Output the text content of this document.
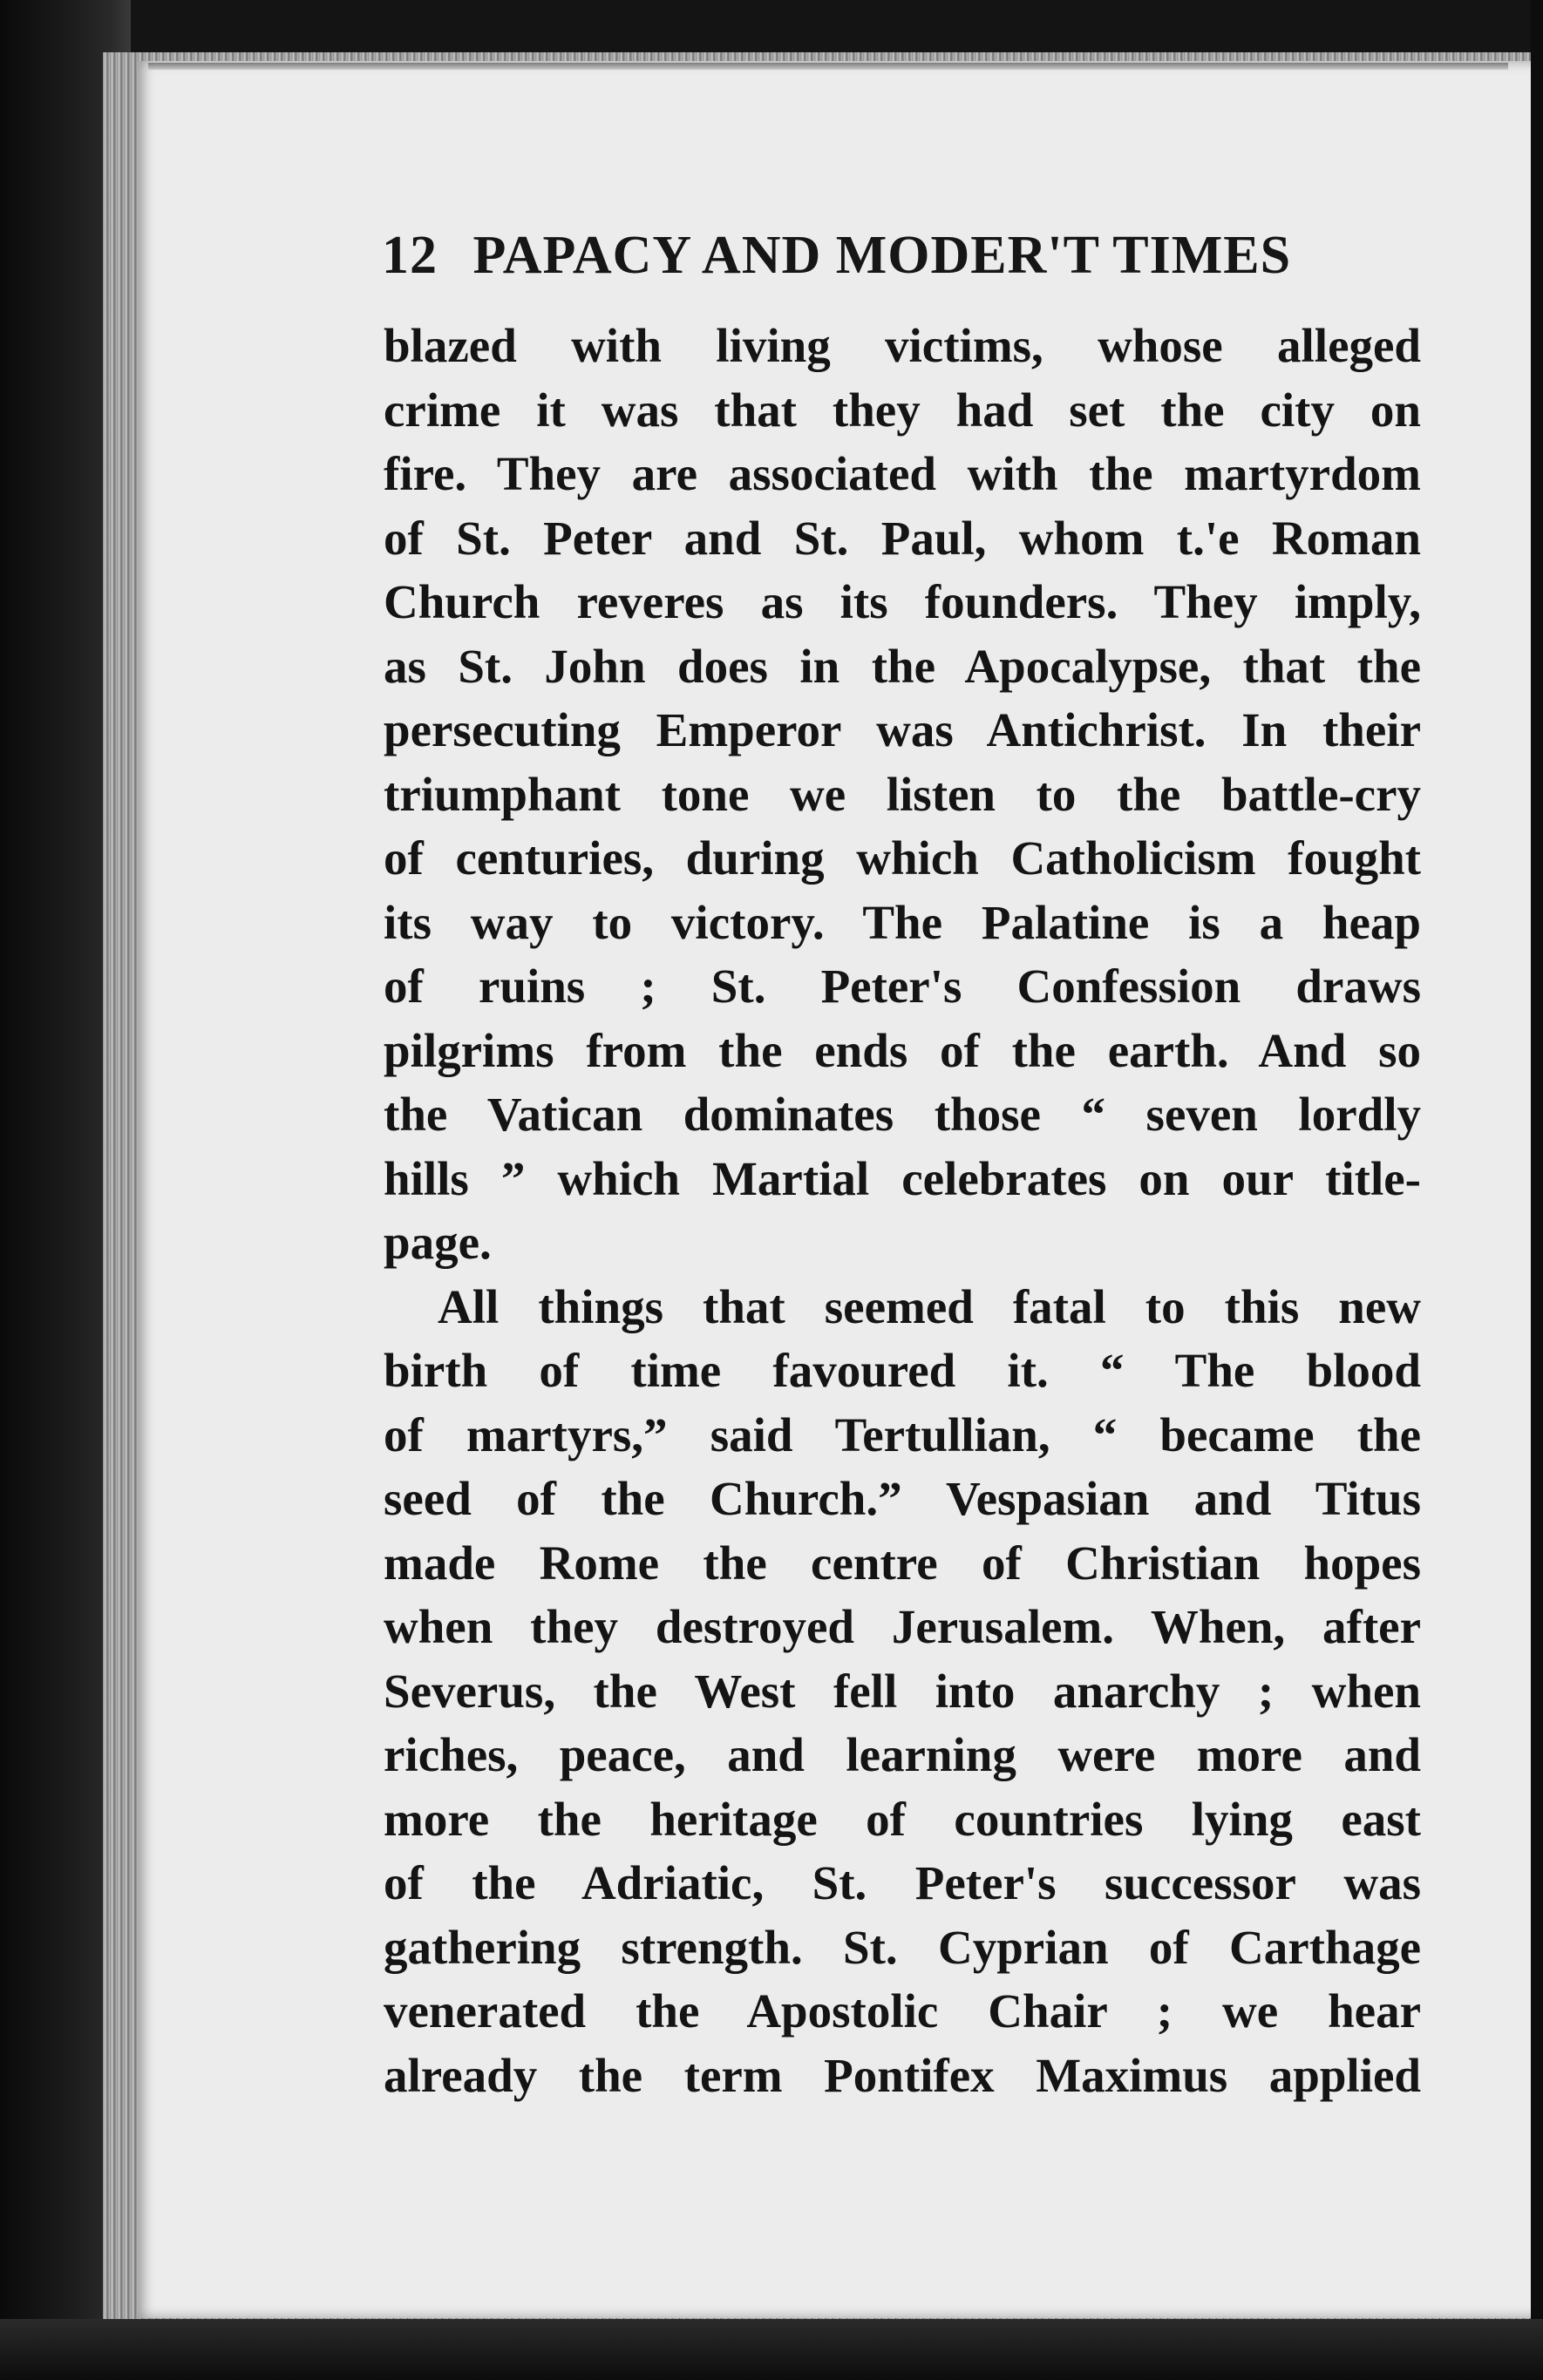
12 PAPACY AND MODER'T TIMES
blazed with living victims, whose alleged
crime it was that they had set the city on
fire. They are associated with the martyrdom
of St. Peter and St. Paul, whom t.'e Roman
Church reveres as its founders. They imply,
as St. John does in the Apocalypse, that the
persecuting Emperor was Antichrist. In their
triumphant tone we listen to the battle-cry
of centuries, during which Catholicism fought
its way to victory. The Palatine is a heap
of ruins ; St. Peter's Confession draws
pilgrims from the ends of the earth. And so
the Vatican dominates those “ seven lordly
hills ” which Martial celebrates on our title-
page.
All things that seemed fatal to this new
birth of time favoured it. “ The blood
of martyrs,” said Tertullian, “ became the
seed of the Church.” Vespasian and Titus
made Rome the centre of Christian hopes
when they destroyed Jerusalem. When, after
Severus, the West fell into anarchy ; when
riches, peace, and learning were more and
more the heritage of countries lying east
of the Adriatic, St. Peter's successor was
gathering strength. St. Cyprian of Carthage
venerated the Apostolic Chair ; we hear
already the term Pontifex Maximus applied
